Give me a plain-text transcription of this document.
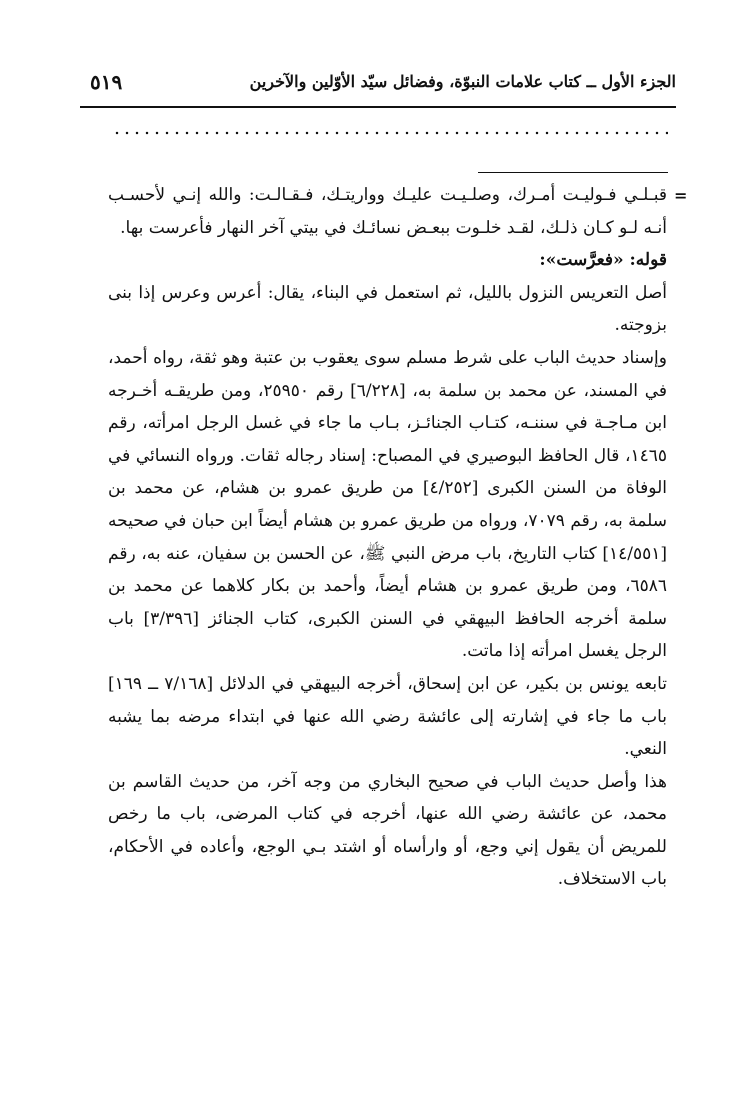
الجزء الأول ــ كتاب علامات النبوّة، وفضائل سيّد الأوّلين والآخرين
٥١٩
=

قبـلـي فـوليـت أمـرك، وصلـيـت عليـك وواريتـك، فـقـالـت: والله إنـي لأحسـب أنـه لـو كـان ذلـك، لقـد خلـوت ببعـض نسائـك في بيتي آخر النهار فأعرست بها.

قوله: «فعرَّست»:

أصل التعريس النزول بالليل، ثم استعمل في البناء، يقال: أعرس وعرس إذا بنى بزوجته.

وإسناد حديث الباب على شرط مسلم سوى يعقوب بن عتبة وهو ثقة، رواه أحمد، في المسند، عن محمد بن سلمة به، [٦/٢٢٨] رقم ٢٥٩٥٠، ومن طريقـه أخـرجه ابن مـاجـة في سننـه، كتـاب الجنائـز، بـاب ما جاء في غسل الرجل امرأته، رقم ١٤٦٥، قال الحافظ البوصيري في المصباح: إسناد رجاله ثقات. ورواه النسائي في الوفاة من السنن الكبرى [٤/٢٥٢] من طريق عمرو بن هشام، عن محمد بن سلمة به، رقم ٧٠٧٩، ورواه من طريق عمرو بن هشام أيضاً ابن حبان في صحيحه [١٤/٥٥١] كتاب التاريخ، باب مرض النبي ﷺ، عن الحسن بن سفيان، عنه به، رقم ٦٥٨٦، ومن طريق عمرو بن هشام أيضاً، وأحمد بن بكار كلاهما عن محمد بن سلمة أخرجه الحافظ البيهقي في السنن الكبرى، كتاب الجنائز [٣/٣٩٦] باب الرجل يغسل امرأته إذا ماتت.

تابعه يونس بن بكير، عن ابن إسحاق، أخرجه البيهقي في الدلائل [٧/١٦٨ ــ ١٦٩] باب ما جاء في إشارته إلى عائشة رضي الله عنها في ابتداء مرضه بما يشبه النعي.

هذا وأصل حديث الباب في صحيح البخاري من وجه آخر، من حديث القاسم بن محمد، عن عائشة رضي الله عنها، أخرجه في كتاب المرضى، باب ما رخص للمريض أن يقول إني وجع، أو وارأساه أو اشتد بـي الوجع، وأعاده في الأحكام، باب الاستخلاف.
